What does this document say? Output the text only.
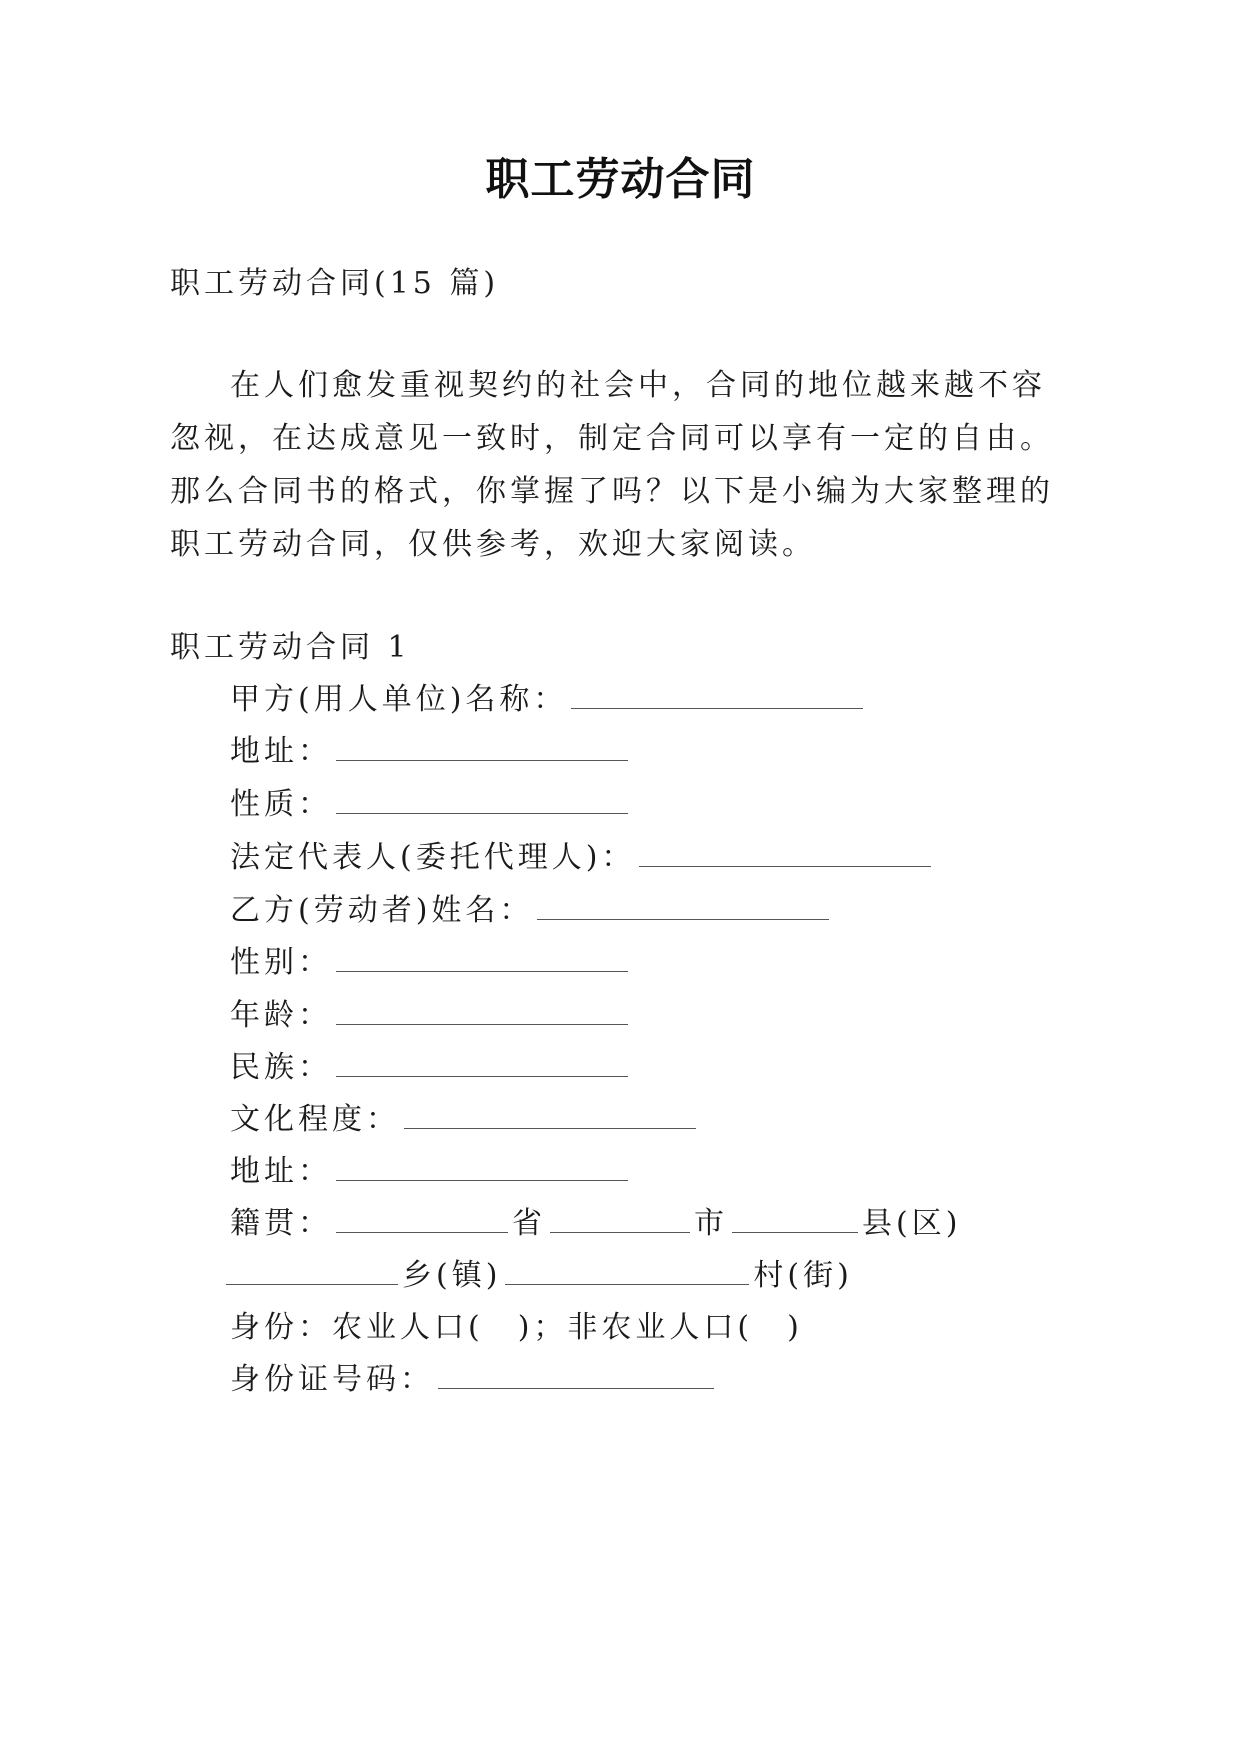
职工劳动合同
职工劳动合同(15 篇)
在人们愈发重视契约的社会中，合同的地位越来越不容
忽视，在达成意见一致时，制定合同可以享有一定的自由。
那么合同书的格式，你掌握了吗？以下是小编为大家整理的
职工劳动合同，仅供参考，欢迎大家阅读。
职工劳动合同 1
甲方(用人单位)名称：
地址：
性质：
法定代表人(委托代理人)：
乙方(劳动者)姓名：
性别：
年龄：
民族：
文化程度：
地址：
籍贯：	省	市	县(区)
乡(镇)	村(街)
身份：农业人口(　)；非农业人口(　)
身份证号码：
